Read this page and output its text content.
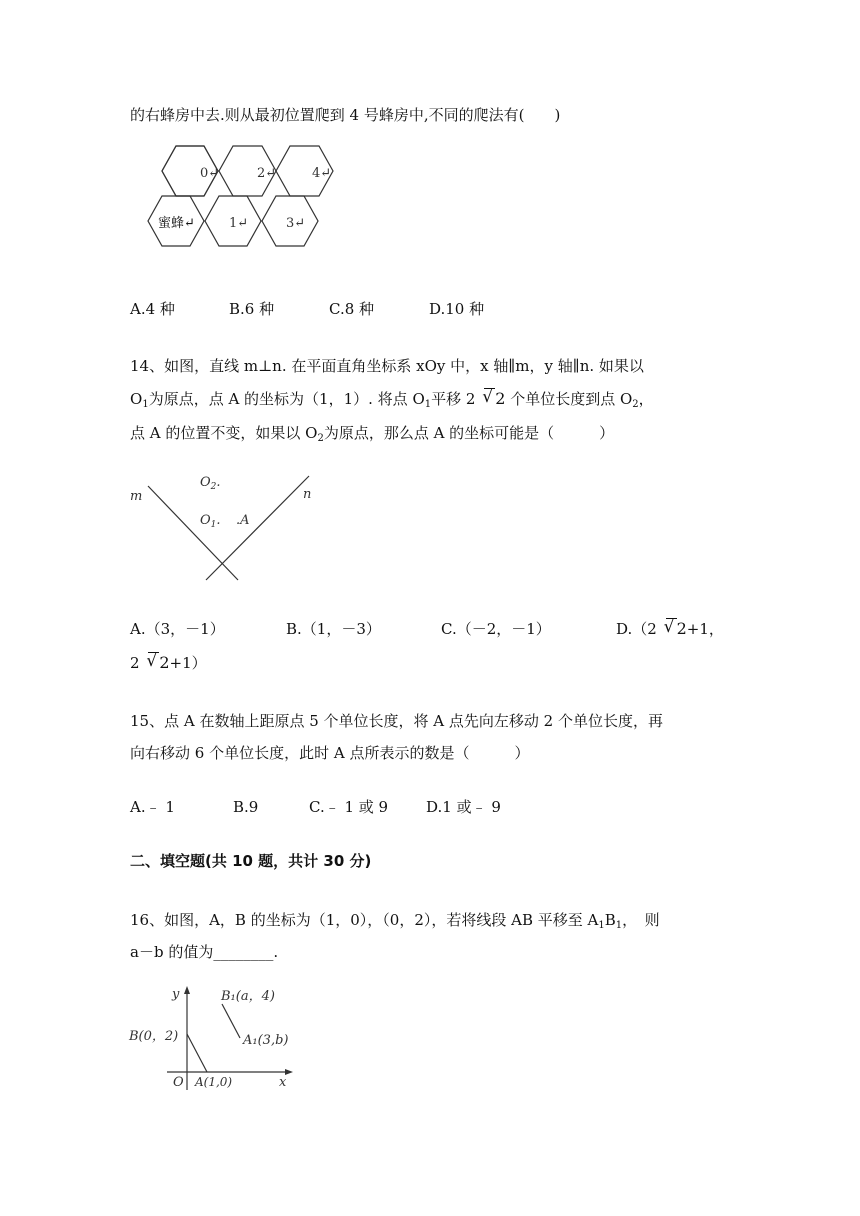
的右蜂房中去.则从最初位置爬到 4 号蜂房中,不同的爬法有(　　)
0↵	2↵	4↵
蜜蜂↵	1↵	3↵
A.4 种	B.6 种	C.8 种	D.10 种
14、如图，直线 m⊥n. 在平面直角坐标系 xOy 中，x 轴∥m，y 轴∥n. 如果以
$O_1$为原点，点 A 的坐标为（1，1）. 将点 $O_1$平移 2 √ 2 个单位长度到点 $O_2$，
点 A 的位置不变，如果以 $O_2$为原点，那么点 A 的坐标可能是（　　　）
m	n
$O_2$.
$O_1$. .A
A.（3，－1）	B.（1，－3）	C.（－2，－1）	D.（2 √ 2+1，
2 √ 2+1）
15、点 A 在数轴上距原点 5 个单位长度，将 A 点先向左移动 2 个单位长度，再
向右移动 6 个单位长度，此时 A 点所表示的数是（　　　）
A.﹣ 1	B.9	C.﹣ 1 或 9	D.1 或﹣ 9
二、填空题(共 10 题，共计 30 分)
16、如图，A，B 的坐标为（1，0），（0，2），若将线段 AB 平移至 $A_1B_1$，　则
a－b 的值为________.
y
x
O
B(0，2)
A(1,0)
B₁(a，4)
A₁(3,b)
